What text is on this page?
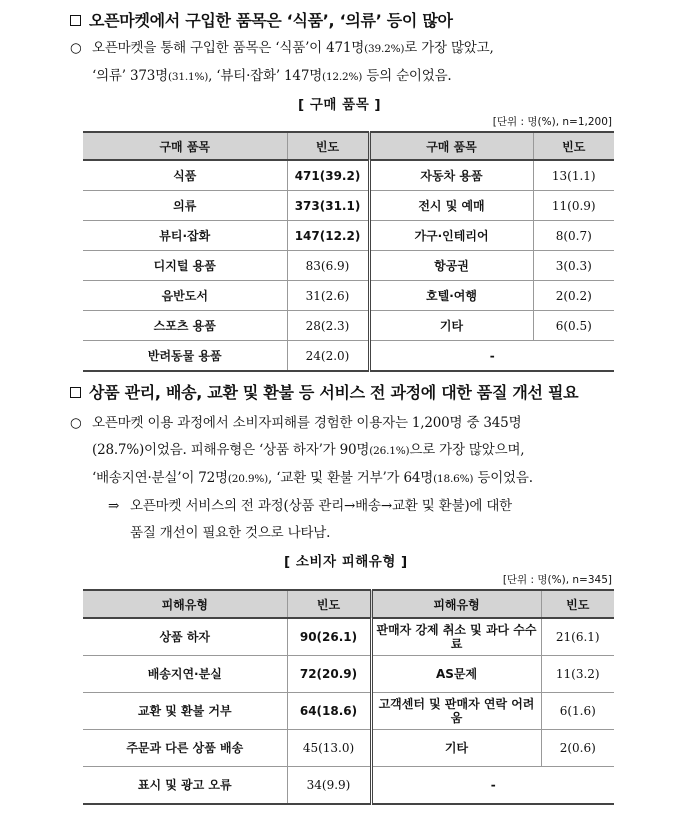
오픈마켓에서 구입한 품목은 ‘식품’, ‘의류’ 등이 많아
○ 오픈마켓을 통해 구입한 품목은 ‘식품’이 471명(39.2%)로 가장 많았고,
‘의류’ 373명(31.1%), ‘뷰티·잡화’ 147명(12.2%) 등의 순이었음.
[ 구매 품목 ]
[단위 : 명(%), n=1,200]
구매 품목	빈도	구매 품목	빈도
식품	471(39.2)	자동차 용품	13(1.1)
의류	373(31.1)	전시 및 예매	11(0.9)
뷰티·잡화	147(12.2)	가구·인테리어	8(0.7)
디지털 용품	83(6.9)	항공권	3(0.3)
음반도서	31(2.6)	호텔·여행	2(0.2)
스포츠 용품	28(2.3)	기타	6(0.5)
반려동물 용품	24(2.0)	-	
상품 관리, 배송, 교환 및 환불 등 서비스 전 과정에 대한 품질 개선 필요
○ 오픈마켓 이용 과정에서 소비자피해를 경험한 이용자는 1,200명 중 345명
(28.7%)이었음. 피해유형은 ‘상품 하자’가 90명(26.1%)으로 가장 많았으며,
‘배송지연·분실’이 72명(20.9%), ‘교환 및 환불 거부’가 64명(18.6%) 등이었음.
⇒ 오픈마켓 서비스의 전 과정(상품 관리→배송→교환 및 환불)에 대한
품질 개선이 필요한 것으로 나타남.
[ 소비자 피해유형 ]
[단위 : 명(%), n=345]
피해유형	빈도	피해유형	빈도
상품 하자	90(26.1)	판매자 강제 취소 및 과다 수수료	21(6.1)
배송지연·분실	72(20.9)	AS문제	11(3.2)
교환 및 환불 거부	64(18.6)	고객센터 및 판매자 연락 어려움	6(1.6)
주문과 다른 상품 배송	45(13.0)	기타	2(0.6)
표시 및 광고 오류	34(9.9)	-	
